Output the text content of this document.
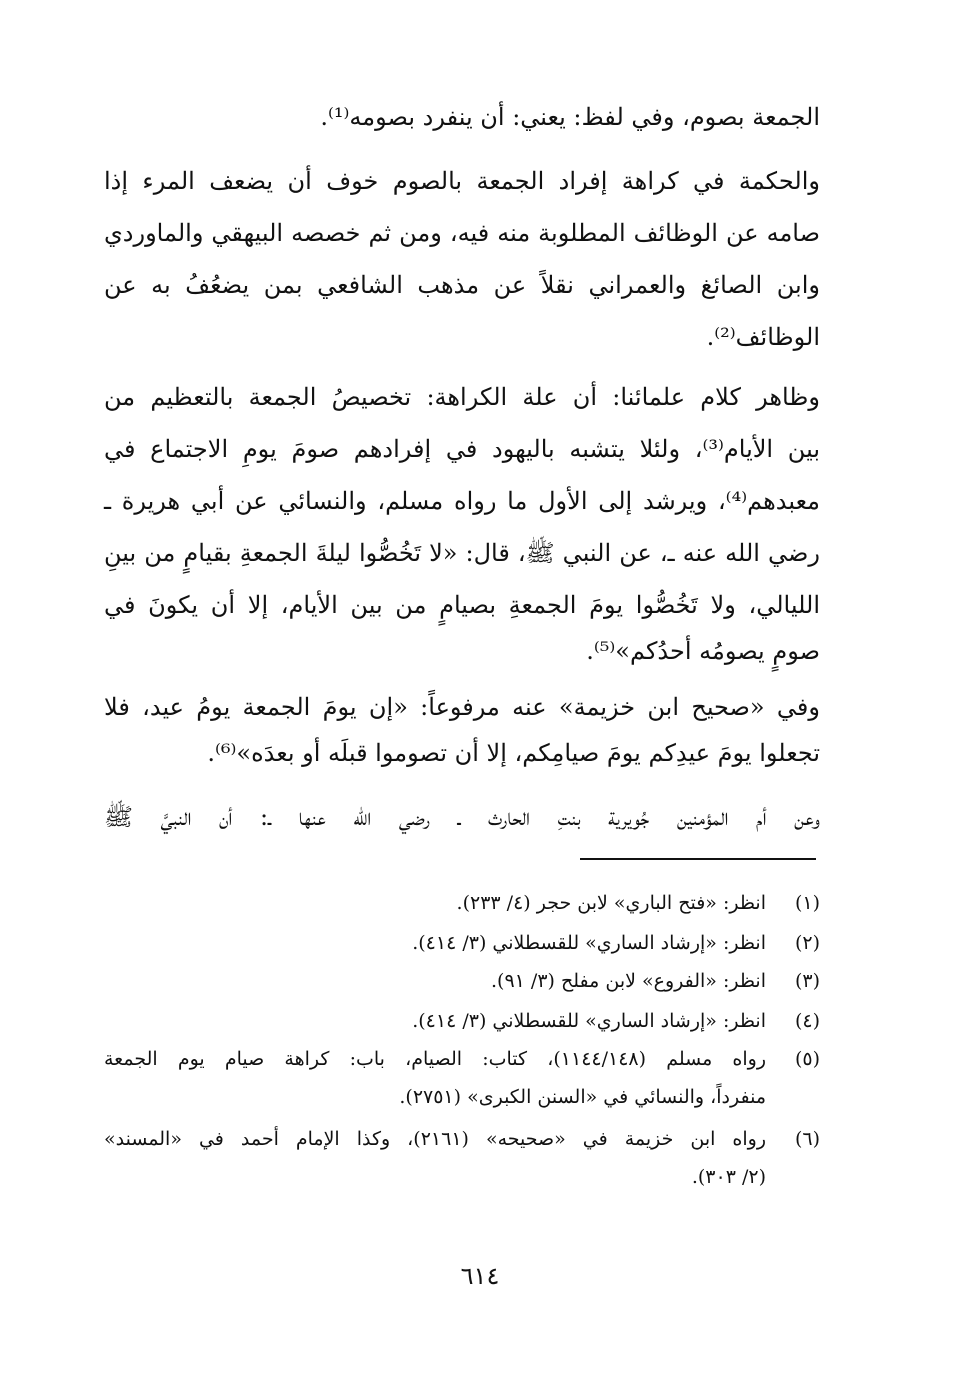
الجمعة بصوم، وفي لفظ: يعني: أن ينفرد بصومه⁽¹⁾.
والحكمة في كراهة إفراد الجمعة بالصوم خوف أن يضعف المرء إذا
صامه عن الوظائف المطلوبة منه فيه، ومن ثم خصصه البيهقي والماوردي
وابن الصائغ والعمراني نقلاً عن مذهب الشافعي بمن يضعُفُ به عن
الوظائف⁽²⁾.
وظاهر كلام علمائنا: أن علة الكراهة: تخصيصُ الجمعة بالتعظيم من
بين الأيام⁽³⁾، ولئلا يتشبه باليهود في إفرادهم صومَ يومِ الاجتماع في
معبدهم⁽⁴⁾، ويرشد إلى الأول ما رواه مسلم، والنسائي عن أبي هريرة ـ
رضي الله عنه ـ، عن النبي ﷺ، قال: «لا تَخُصُّوا ليلةَ الجمعةِ بقيامٍ من بينِ
الليالي، ولا تَخُصُّوا يومَ الجمعةِ بصيامٍ من بين الأيام، إلا أن يكونَ في
صومٍ يصومُه أحدُكم»⁽⁵⁾.
وفي «صحيح ابن خزيمة» عنه مرفوعاً: «إن يومَ الجمعة يومُ عيد، فلا
تجعلوا يومَ عيدِكم يومَ صيامِكم، إلا أن تصوموا قبلَه أو بعدَه»⁽⁶⁾.
وعن أم المؤمنين جُويرية بنتِ الحارث ـ رضي الله عنها ـ: أن النبيَّ ﷺ
(١)
انظر: «فتح الباري» لابن حجر (٤/ ٢٣٣).
(٢)
انظر: «إرشاد الساري» للقسطلاني (٣/ ٤١٤).
(٣)
انظر: «الفروع» لابن مفلح (٣/ ٩١).
(٤)
انظر: «إرشاد الساري» للقسطلاني (٣/ ٤١٤).
(٥)
رواه مسلم (١١٤٤/١٤٨)، كتاب: الصيام، باب: كراهة صيام يوم الجمعة
منفرداً، والنسائي في «السنن الكبرى» (٢٧٥١).
(٦)
رواه ابن خزيمة في «صحيحه» (٢١٦١)، وكذا الإمام أحمد في «المسند»
(٢/ ٣٠٣).
٦١٤
